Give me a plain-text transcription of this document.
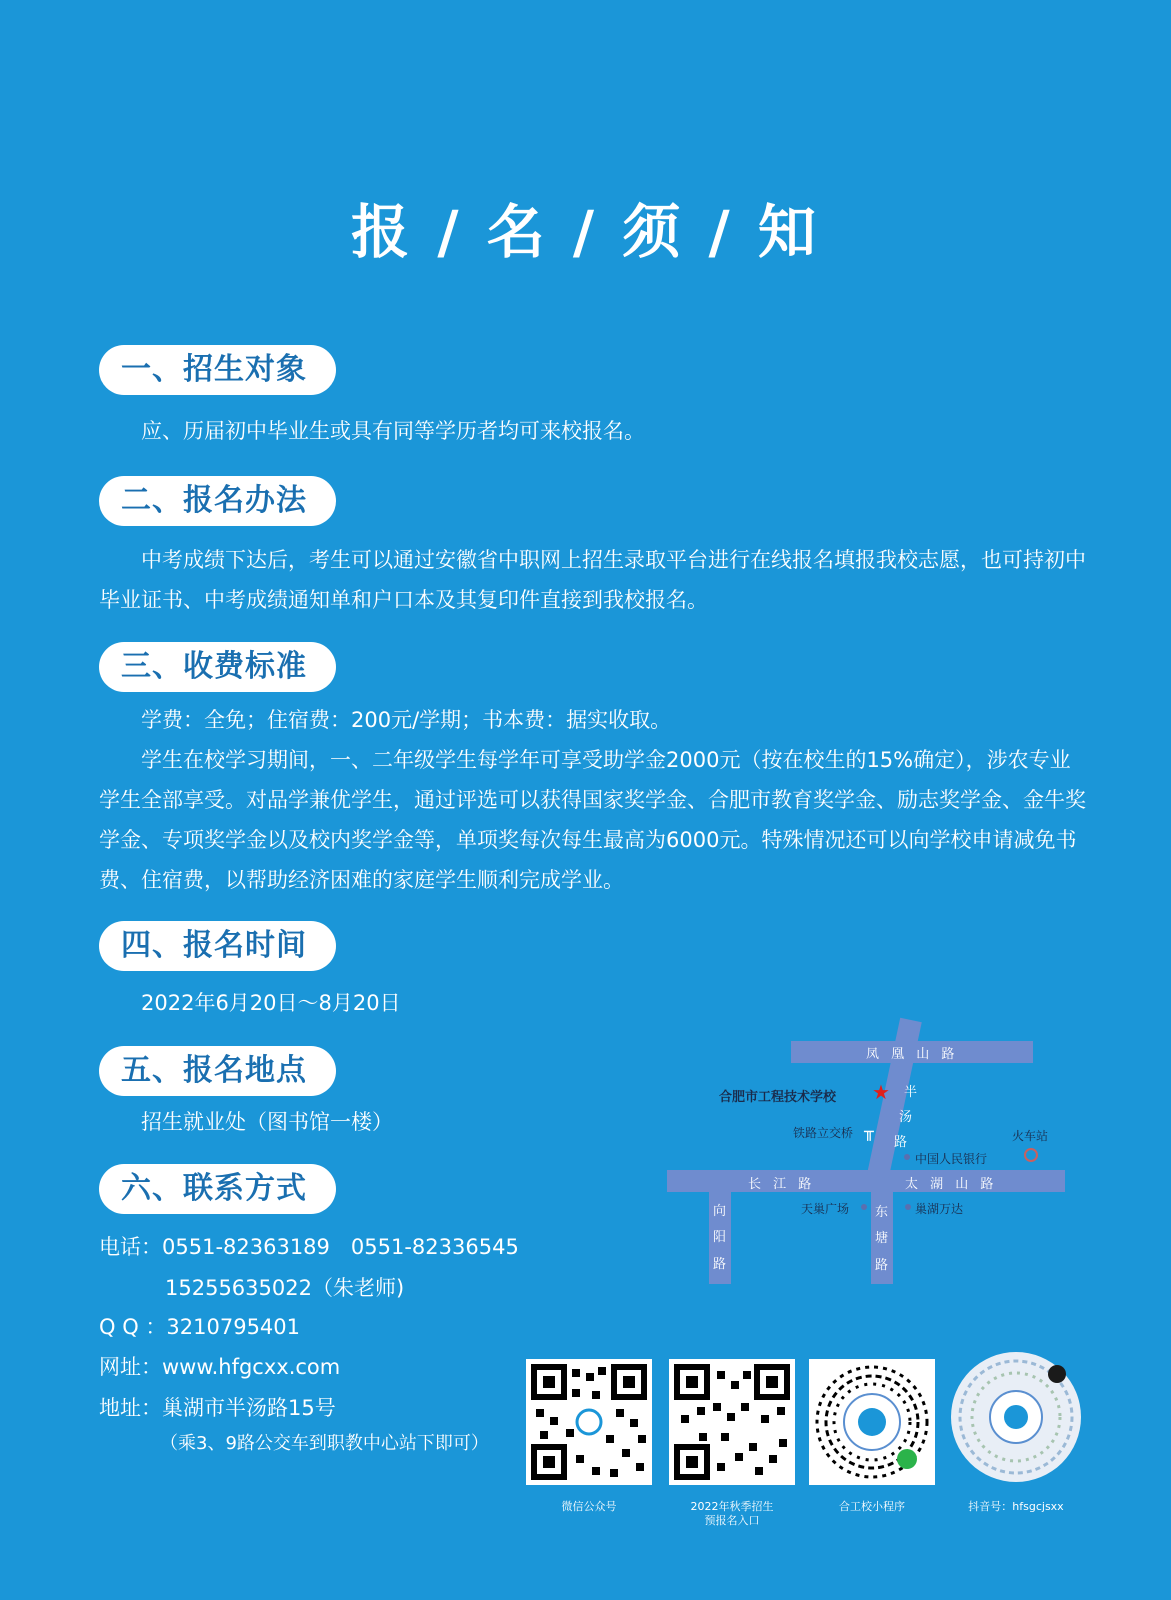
报 / 名 / 须 / 知
一、招生对象
应、历届初中毕业生或具有同等学历者均可来校报名。
二、报名办法
中考成绩下达后，考生可以通过安徽省中职网上招生录取平台进行在线报名填报我校志愿，也可持初中毕业证书、中考成绩通知单和户口本及其复印件直接到我校报名。
三、收费标准
学费：全免；住宿费：200元/学期；书本费：据实收取。
学生在校学习期间，一、二年级学生每学年可享受助学金2000元（按在校生的15%确定），涉农专业学生全部享受。对品学兼优学生，通过评选可以获得国家奖学金、合肥市教育奖学金、励志奖学金、金牛奖学金、专项奖学金以及校内奖学金等，单项奖每次每生最高为6000元。特殊情况还可以向学校申请减免书费、住宿费，以帮助经济困难的家庭学生顺利完成学业。
四、报名时间
2022年6月20日～8月20日
五、报名地点
招生就业处（图书馆一楼）
六、联系方式
电话：0551-82363189　0551-82336545
15255635022（朱老师)
Q Q ：3210795401
网址：www.hfgcxx.com
地址：巢湖市半汤路15号
（乘3、9路公交车到职教中心站下即可）
凤 凰 山 路
长 江 路	太 湖 山 路
半
汤
路
向
阳
路
东
塘
路
合肥市工程技术学校 ★
铁路立交桥 ╥
中国人民银行
火车站
天巢广场	巢湖万达
微信公众号	2022年秋季招生
预报名入口
合工校小程序	抖音号：hfsgcjsxx
